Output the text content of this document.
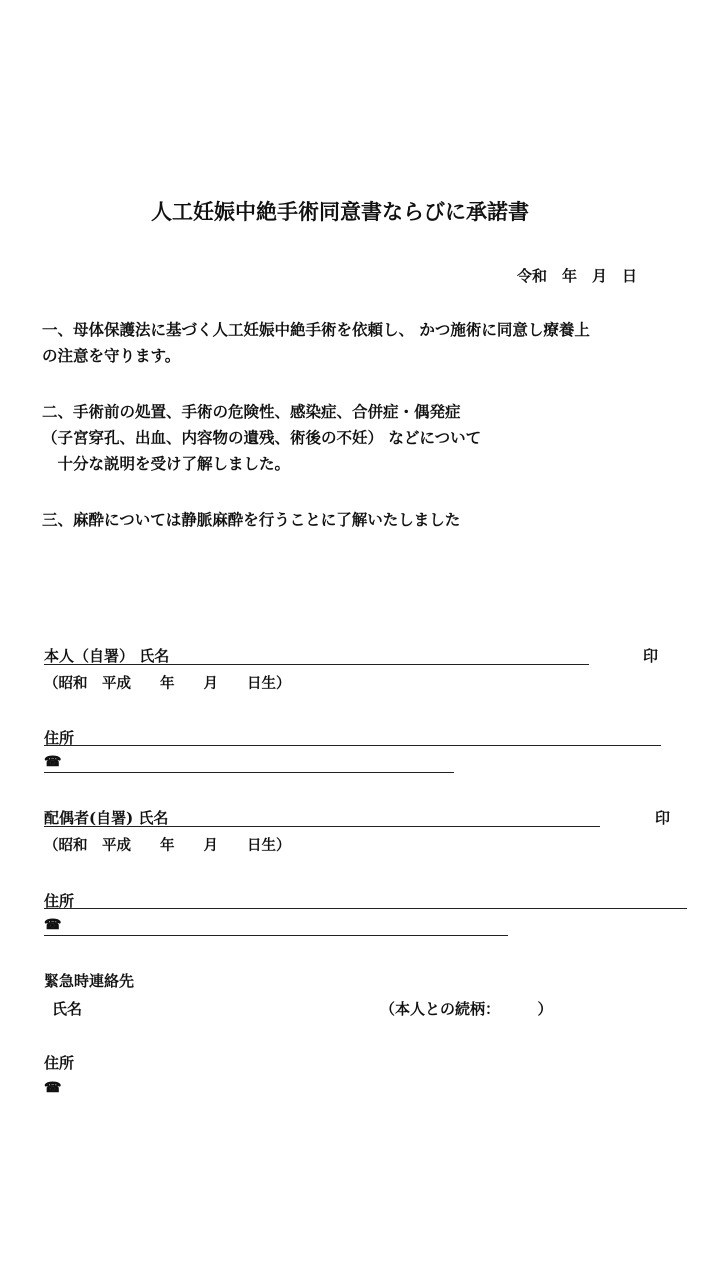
人工妊娠中絶手術同意書ならびに承諾書
令和　年　月　日
一、母体保護法に基づく人工妊娠中絶手術を依頼し、 かつ施術に同意し療養上
の注意を守ります。
二、手術前の処置、手術の危険性、感染症、合併症・偶発症
（子宮穿孔、出血、内容物の遺残、術後の不妊） などについて
　十分な説明を受け了解しました。
三、麻酔については静脈麻酔を行うことに了解いたしました
本人（自署） 氏名	印
（昭和　平成　　年　　月　　日生）
住所
☎
配偶者(自署) 氏名	印
（昭和　平成　　年　　月　　日生）
住所
☎
緊急時連絡先
氏名	（本人との続柄：　　　）
住所
☎
